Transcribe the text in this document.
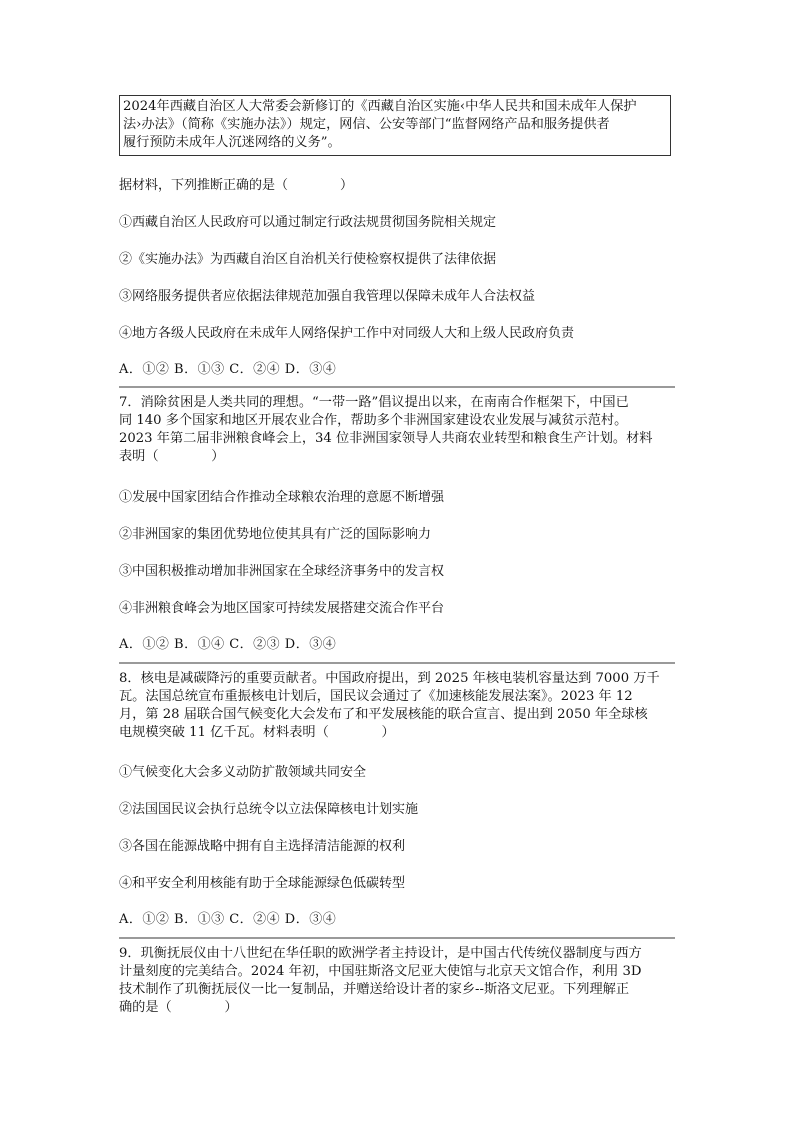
2024年西藏自治区人大常委会新修订的《西藏自治区实施‹中华人民共和国未成年人保护
法›办法》（简称《实施办法》）规定，网信、公安等部门“监督网络产品和服务提供者
履行预防未成年人沉迷网络的义务”。
据材料，下列推断正确的是（　　　　）
①西藏自治区人民政府可以通过制定行政法规贯彻国务院相关规定
②《实施办法》为西藏自治区自治机关行使检察权提供了法律依据
③网络服务提供者应依据法律规范加强自我管理以保障未成年人合法权益
④地方各级人民政府在未成年人网络保护工作中对同级人大和上级人民政府负责
A．①② B．①③ C．②④ D．③④
7．消除贫困是人类共同的理想。“一带一路”倡议提出以来，在南南合作框架下，中国已
同 140 多个国家和地区开展农业合作，帮助多个非洲国家建设农业发展与减贫示范村。
2023 年第二届非洲粮食峰会上，34 位非洲国家领导人共商农业转型和粮食生产计划。材料
表明（　　　　）
①发展中国家团结合作推动全球粮农治理的意愿不断增强
②非洲国家的集团优势地位使其具有广泛的国际影响力
③中国积极推动增加非洲国家在全球经济事务中的发言权
④非洲粮食峰会为地区国家可持续发展搭建交流合作平台
A．①② B．①④ C．②③ D．③④
8．核电是减碳降污的重要贡献者。中国政府提出，到 2025 年核电装机容量达到 7000 万千
瓦。法国总统宣布重振核电计划后，国民议会通过了《加速核能发展法案》。2023 年 12
月，第 28 届联合国气候变化大会发布了和平发展核能的联合宣言、提出到 2050 年全球核
电规模突破 11 亿千瓦。材料表明（　　　　）
①气候变化大会多义动防扩散领域共同安全
②法国国民议会执行总统令以立法保障核电计划实施
③各国在能源战略中拥有自主选择清洁能源的权利
④和平安全利用核能有助于全球能源绿色低碳转型
A．①② B．①③ C．②④ D．③④
9．玑衡抚辰仪由十八世纪在华任职的欧洲学者主持设计，是中国古代传统仪器制度与西方
计量刻度的完美结合。2024 年初，中国驻斯洛文尼亚大使馆与北京天文馆合作，利用 3D
技术制作了玑衡抚辰仪一比一复制品，并赠送给设计者的家乡--斯洛文尼亚。下列理解正
确的是（　　　　）
